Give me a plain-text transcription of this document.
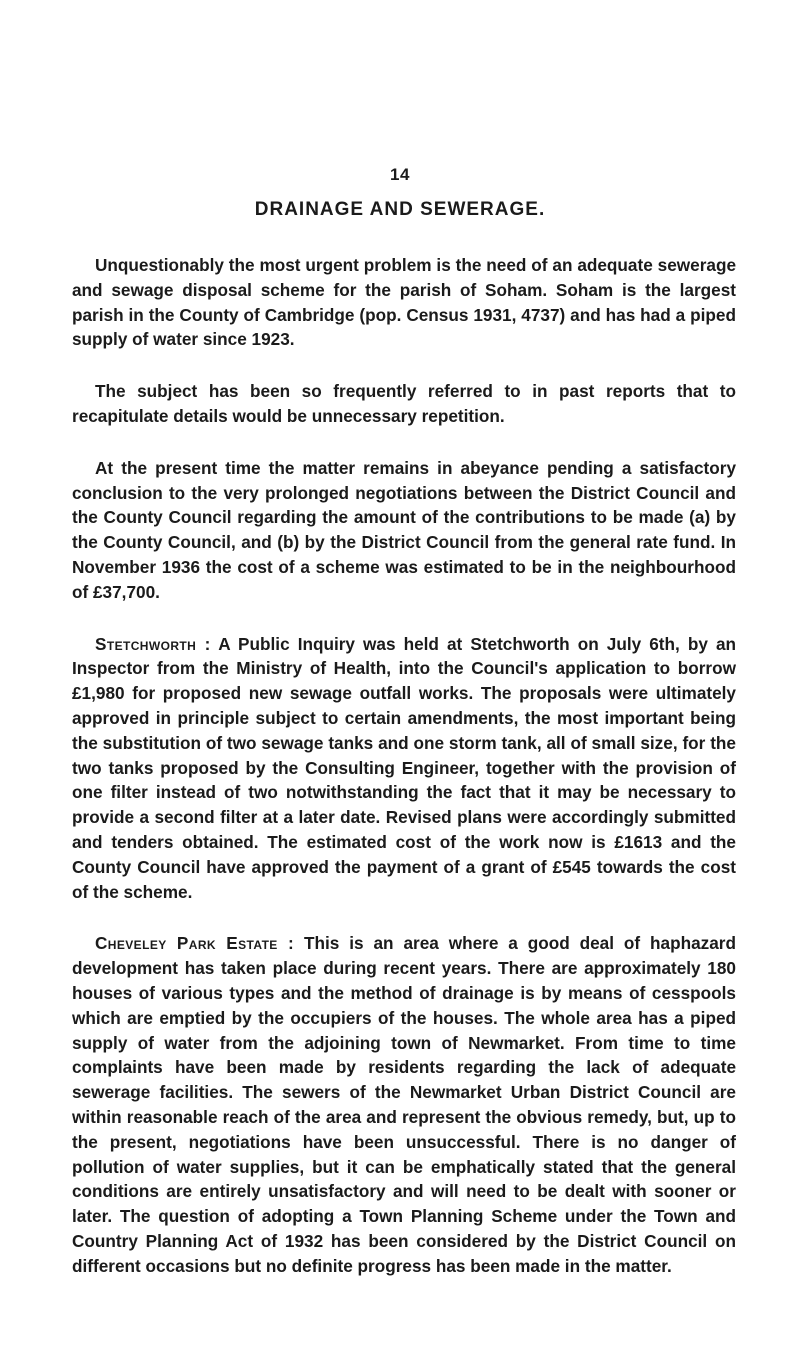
14
DRAINAGE AND SEWERAGE.

Unquestionably the most urgent problem is the need of an adequate sewerage and sewage disposal scheme for the parish of Soham. Soham is the largest parish in the County of Cambridge (pop. Census 1931, 4737) and has had a piped supply of water since 1923.

The subject has been so frequently referred to in past reports that to recapitulate details would be unnecessary repetition.

At the present time the matter remains in abeyance pending a satisfactory conclusion to the very prolonged negotiations between the District Council and the County Council regarding the amount of the contributions to be made (a) by the County Council, and (b) by the District Council from the general rate fund. In November 1936 the cost of a scheme was estimated to be in the neighbourhood of £37,700.

Stetchworth : A Public Inquiry was held at Stetchworth on July 6th, by an Inspector from the Ministry of Health, into the Council's application to borrow £1,980 for proposed new sewage outfall works. The proposals were ultimately approved in principle subject to certain amendments, the most important being the substitution of two sewage tanks and one storm tank, all of small size, for the two tanks proposed by the Consulting Engineer, together with the provision of one filter instead of two notwithstanding the fact that it may be necessary to provide a second filter at a later date. Revised plans were accordingly submitted and tenders obtained. The estimated cost of the work now is £1613 and the County Council have approved the payment of a grant of £545 towards the cost of the scheme.

Cheveley Park Estate : This is an area where a good deal of haphazard development has taken place during recent years. There are approximately 180 houses of various types and the method of drainage is by means of cesspools which are emptied by the occupiers of the houses. The whole area has a piped supply of water from the adjoining town of Newmarket. From time to time complaints have been made by residents regarding the lack of adequate sewerage facilities. The sewers of the Newmarket Urban District Council are within reasonable reach of the area and represent the obvious remedy, but, up to the present, negotiations have been unsuccessful. There is no danger of pollution of water supplies, but it can be emphatically stated that the general conditions are entirely unsatisfactory and will need to be dealt with sooner or later. The question of adopting a Town Planning Scheme under the Town and Country Planning Act of 1932 has been considered by the District Council on different occasions but no definite progress has been made in the matter.
